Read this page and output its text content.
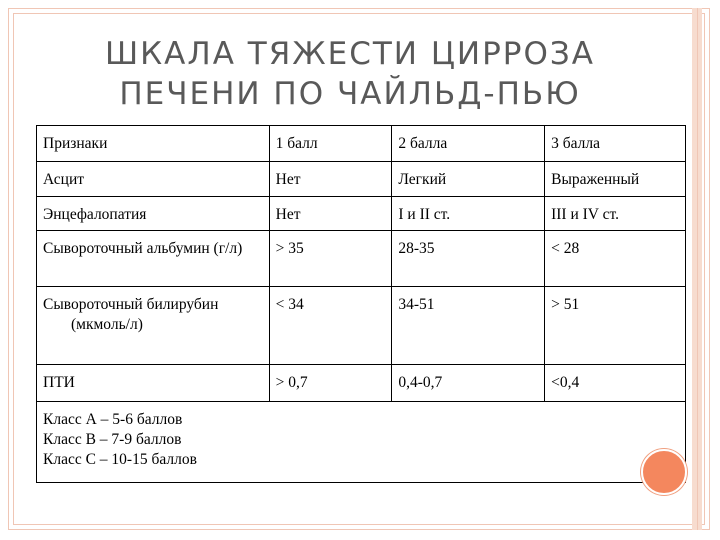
ШКАЛА ТЯЖЕСТИ ЦИРРОЗА
ПЕЧЕНИ ПО ЧАЙЛЬД-ПЬЮ
Признаки	1 балл	2 балла	3 балла
Асцит	Нет	Легкий	Выраженный
Энцефалопатия	Нет	I и II ст.	III и IV ст.

Сывороточный альбумин (г/л)	> 35	28-35	< 28

Сывороточный билирубин (мкмоль/л)	< 34	34-51	> 51
ПТИ	> 0,7	0,4-0,7	<0,4

Класс А – 5-6 баллов
Класс В – 7-9 баллов
Класс С – 10-15 баллов			
